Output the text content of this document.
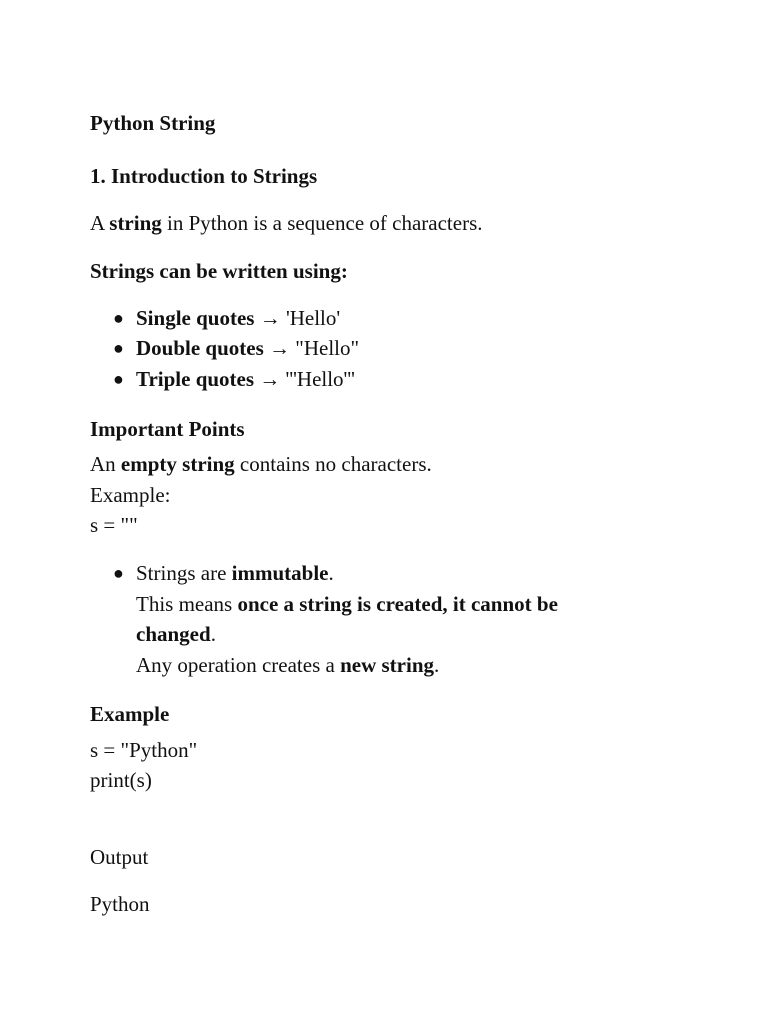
Python String
1. Introduction to Strings
A string in Python is a sequence of characters.
Strings can be written using:
● Single quotes → 'Hello'
● Double quotes → "Hello"
● Triple quotes → '''Hello'''
Important Points
An empty string contains no characters.
Example:
s = ""
● Strings are immutable.
This means once a string is created, it cannot be
changed.
Any operation creates a new string.
Example
s = "Python"
print(s)
Output
Python
